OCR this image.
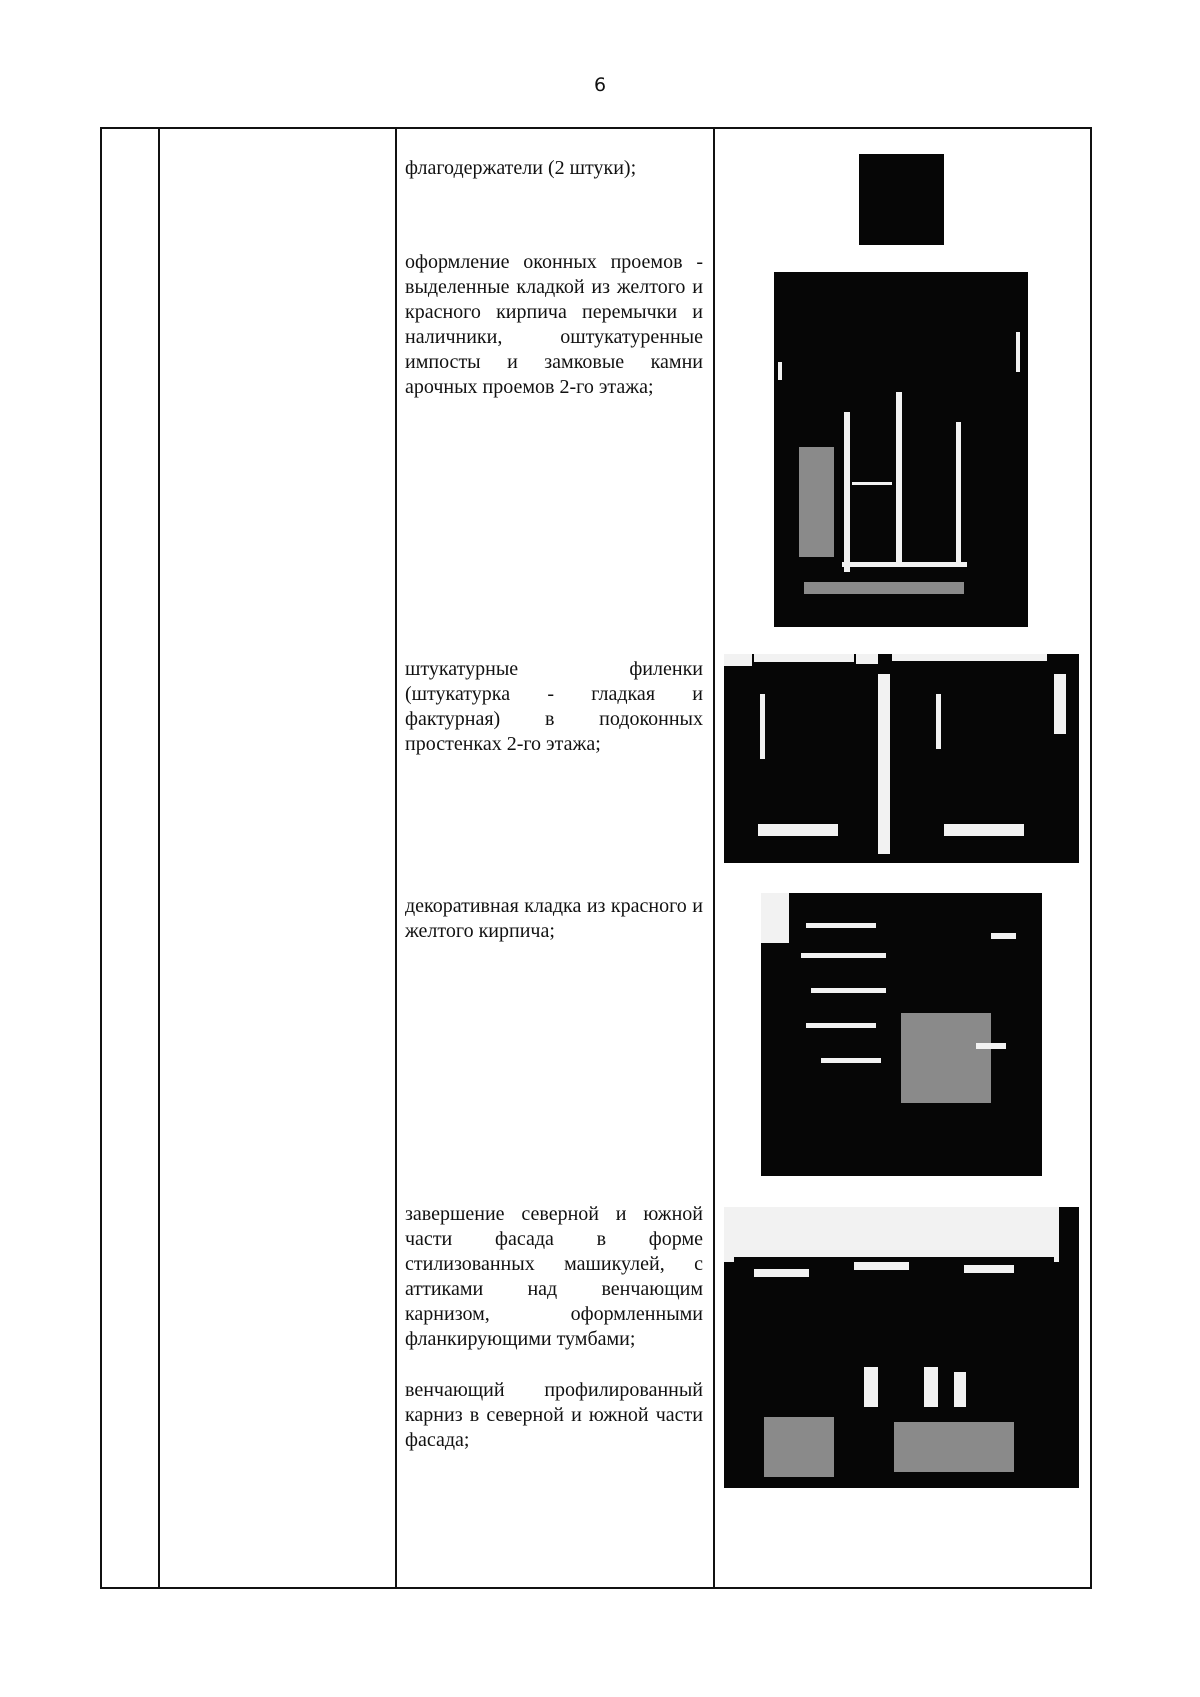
6
флагодержатели (2 штуки);
оформление оконных проемов - выделенные кладкой из желтого и красного кирпича перемычки и наличники, оштукатуренные импосты и замковые камни арочных проемов 2-го этажа;
штукатурные филенки (штукатурка - гладкая и фактурная) в подоконных простенках 2-го этажа;
декоративная кладка из красного и желтого кирпича;
завершение северной и южной части фасада в форме стилизованных машикулей, с аттиками над венчающим карнизом, оформленными фланкирующими тумбами;
венчающий профилированный карниз в северной и южной части фасада;
